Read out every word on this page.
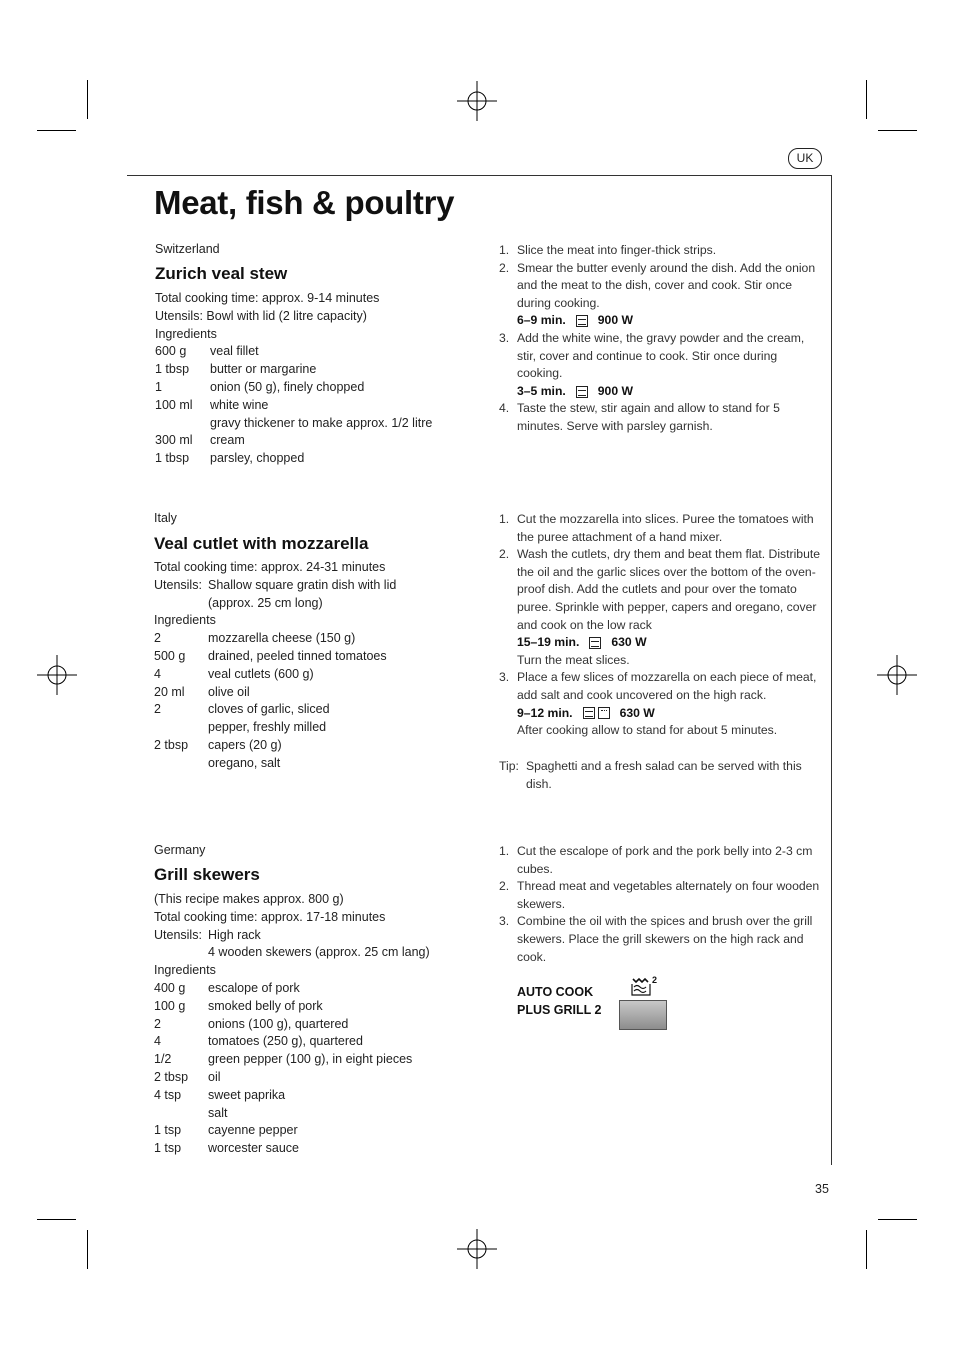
UK
Meat, fish & poultry
Switzerland
Zurich veal stew
Total cooking time: approx. 9-14 minutes
Utensils: Bowl with lid (2 litre capacity)
Ingredients
600 g veal fillet
1 tbsp butter or margarine
1	onion (50 g), finely chopped
100 ml white wine
gravy thickener to make approx. 1/2 litre
300 ml cream
1 tbsp parsley, chopped
1. Slice the meat into finger-thick strips.
2. Smear the butter evenly around the dish. Add the onion and the meat to the dish, cover and cook. Stir once during cooking.
6–9 min.	900 W
3. Add the white wine, the gravy powder and the cream, stir, cover and continue to cook. Stir once during cooking.
3–5 min.	900 W
4. Taste the stew, stir again and allow to stand for 5 minutes. Serve with parsley garnish.
Italy
Veal cutlet with mozzarella
Total cooking time: approx. 24-31 minutes
Utensils: Shallow square gratin dish with lid
(approx. 25 cm long)
Ingredients
2	mozzarella cheese (150 g)
500 g drained, peeled tinned tomatoes
4	veal cutlets (600 g)
20 ml olive oil
2	cloves of garlic, sliced
pepper, freshly milled
2 tbsp capers (20 g)
oregano, salt
1. Cut the mozzarella into slices. Puree the tomatoes with the puree attachment of a hand mixer.
2. Wash the cutlets, dry them and beat them flat. Distribute the oil and the garlic slices over the bottom of the oven-proof dish. Add the cutlets and pour over the tomato puree. Sprinkle with pepper, capers and oregano, cover and cook on the low rack
15–19 min.	630 W
Turn the meat slices.
3. Place a few slices of mozzarella on each piece of meat, add salt and cook uncovered on the high rack.
9–12 min.	630 W
After cooking allow to stand for about 5 minutes.
Tip: Spaghetti and a fresh salad can be served with this dish.
Germany
Grill skewers
(This recipe makes approx. 800 g)
Total cooking time: approx. 17-18 minutes
Utensils: High rack
4 wooden skewers (approx. 25 cm lang)
Ingredients
400 g escalope of pork
100 g smoked belly of pork
2	onions (100 g), quartered
4	tomatoes (250 g), quartered
1/2	green pepper (100 g), in eight pieces
2 tbsp oil
4 tsp sweet paprika
salt
1 tsp cayenne pepper
1 tsp worcester sauce
1. Cut the escalope of pork and the pork belly into 2-3 cm cubes.
2. Thread meat and vegetables alternately on four wooden skewers.
3. Combine the oil with the spices and brush over the grill skewers. Place the grill skewers on the high rack and cook.
AUTO COOK
PLUS GRILL 2
2
35
